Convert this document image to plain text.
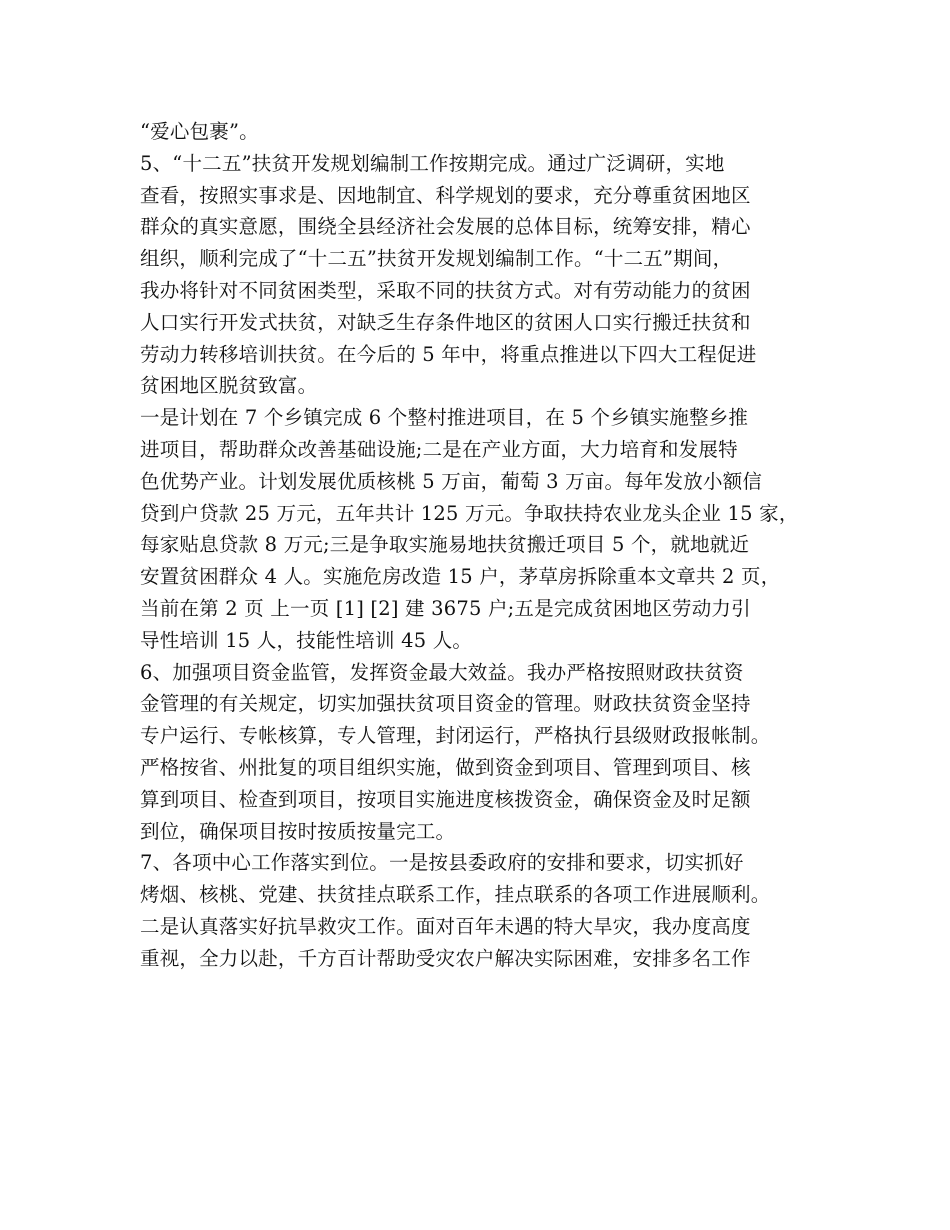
“爱心包裹”。
5、“十二五”扶贫开发规划编制工作按期完成。通过广泛调研，实地
查看，按照实事求是、因地制宜、科学规划的要求，充分尊重贫困地区
群众的真实意愿，围绕全县经济社会发展的总体目标，统筹安排，精心
组织，顺利完成了“十二五”扶贫开发规划编制工作。“十二五”期间，
我办将针对不同贫困类型，采取不同的扶贫方式。对有劳动能力的贫困
人口实行开发式扶贫，对缺乏生存条件地区的贫困人口实行搬迁扶贫和
劳动力转移培训扶贫。在今后的 5 年中，将重点推进以下四大工程促进
贫困地区脱贫致富。
一是计划在 7 个乡镇完成 6 个整村推进项目，在 5 个乡镇实施整乡推
进项目，帮助群众改善基础设施;二是在产业方面，大力培育和发展特
色优势产业。计划发展优质核桃 5 万亩，葡萄 3 万亩。每年发放小额信
贷到户贷款 25 万元，五年共计 125 万元。争取扶持农业龙头企业 15 家，
每家贴息贷款 8 万元;三是争取实施易地扶贫搬迁项目 5 个，就地就近
安置贫困群众 4 人。实施危房改造 15 户，茅草房拆除重本文章共 2 页，
当前在第 2 页 上一页 [1] [2] 建 3675 户;五是完成贫困地区劳动力引
导性培训 15 人，技能性培训 45 人。
6、加强项目资金监管，发挥资金最大效益。我办严格按照财政扶贫资
金管理的有关规定，切实加强扶贫项目资金的管理。财政扶贫资金坚持
专户运行、专帐核算，专人管理，封闭运行，严格执行县级财政报帐制。
严格按省、州批复的项目组织实施，做到资金到项目、管理到项目、核
算到项目、检查到项目，按项目实施进度核拨资金，确保资金及时足额
到位，确保项目按时按质按量完工。
7、各项中心工作落实到位。一是按县委政府的安排和要求，切实抓好
烤烟、核桃、党建、扶贫挂点联系工作，挂点联系的各项工作进展顺利。
二是认真落实好抗旱救灾工作。面对百年未遇的特大旱灾，我办度高度
重视，全力以赴，千方百计帮助受灾农户解决实际困难，安排多名工作
